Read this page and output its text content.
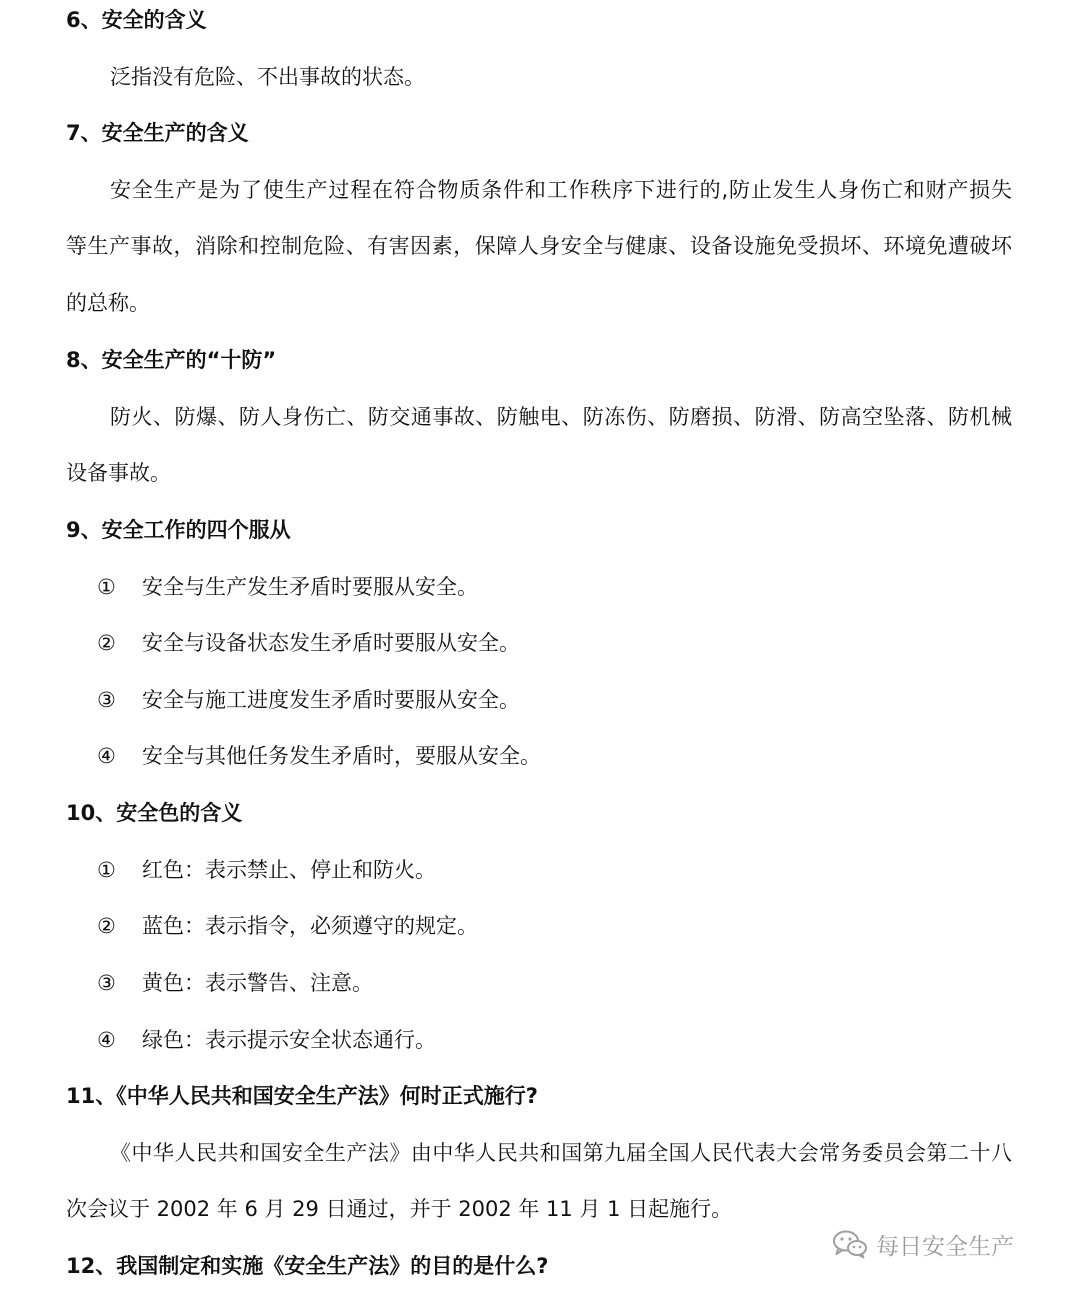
6、安全的含义
泛指没有危险、不出事故的状态。
7、安全生产的含义
安全生产是为了使生产过程在符合物质条件和工作秩序下进行的,防止发生人身伤亡和财产损失
等生产事故，消除和控制危险、有害因素，保障人身安全与健康、设备设施免受损坏、环境免遭破坏
的总称。
8、安全生产的“十防”
防火、防爆、防人身伤亡、防交通事故、防触电、防冻伤、防磨损、防滑、防高空坠落、防机械
设备事故。
9、安全工作的四个服从
① 安全与生产发生矛盾时要服从安全。
② 安全与设备状态发生矛盾时要服从安全。
③ 安全与施工进度发生矛盾时要服从安全。
④ 安全与其他任务发生矛盾时，要服从安全。
10、安全色的含义
① 红色：表示禁止、停止和防火。
② 蓝色：表示指令，必须遵守的规定。
③ 黄色：表示警告、注意。
④ 绿色：表示提示安全状态通行。
11、《中华人民共和国安全生产法》何时正式施行?
《中华人民共和国安全生产法》由中华人民共和国第九届全国人民代表大会常务委员会第二十八
次会议于 2002 年 6 月 29 日通过，并于 2002 年 11 月 1 日起施行。
12、我国制定和实施《安全生产法》的目的是什么?
每日安全生产
